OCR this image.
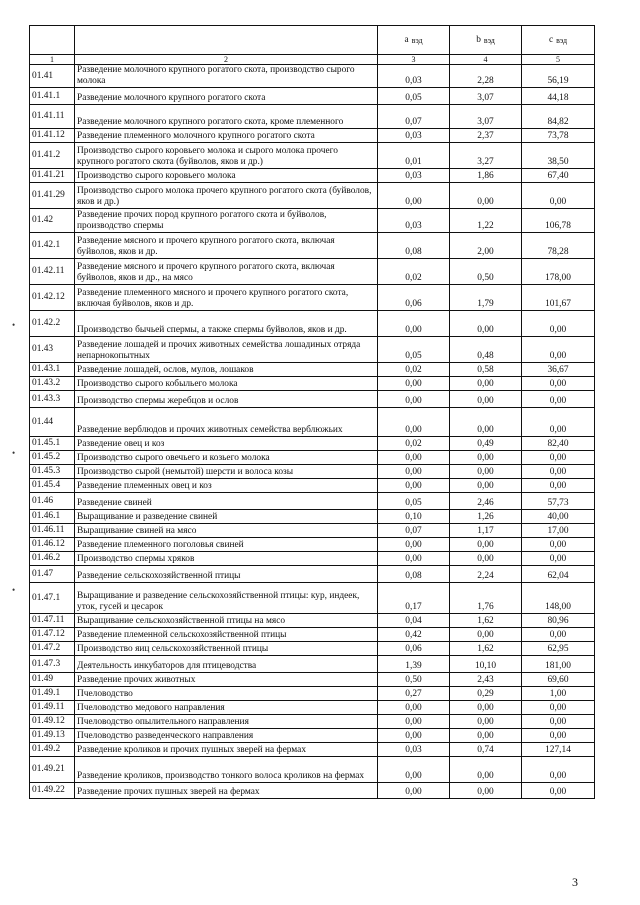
		a $_{вэд}$	b $_{вэд}$	c $_{вэд}$
1	2	3	4	5
01.41	Разведение молочного крупного рогатого скота, производство сырого молока	0,03	2,28	56,19
01.41.1	Разведение молочного крупного рогатого скота	0,05	3,07	44,18
01.41.11	Разведение молочного крупного рогатого скота, кроме племенного	0,07	3,07	84,82
01.41.12	Разведение племенного молочного крупного рогатого скота	0,03	2,37	73,78
01.41.2	Производство сырого коровьего молока и сырого молока прочего крупного рогатого скота (буйволов, яков и др.)	0,01	3,27	38,50
01.41.21	Производство сырого коровьего молока	0,03	1,86	67,40
01.41.29	Производство сырого молока прочего крупного рогатого скота (буйволов, яков и др.)	0,00	0,00	0,00
01.42	Разведение прочих пород крупного рогатого скота и буйволов, производство спермы	0,03	1,22	106,78
01.42.1	Разведение мясного и прочего крупного рогатого скота, включая буйволов, яков и др.	0,08	2,00	78,28
01.42.11	Разведение мясного и прочего крупного рогатого скота, включая буйволов, яков и др., на мясо	0,02	0,50	178,00
01.42.12	Разведение племенного мясного и прочего крупного рогатого скота, включая буйволов, яков и др.	0,06	1,79	101,67
01.42.2	Производство бычьей спермы, а также спермы буйволов, яков и др.	0,00	0,00	0,00
01.43	Разведение лошадей и прочих животных семейства лошадиных отряда непарнокопытных	0,05	0,48	0,00
01.43.1	Разведение лошадей, ослов, мулов, лошаков	0,02	0,58	36,67
01.43.2	Производство сырого кобыльего молока	0,00	0,00	0,00
01.43.3	Производство спермы жеребцов и ослов	0,00	0,00	0,00
01.44	Разведение верблюдов и прочих животных семейства верблюжьих	0,00	0,00	0,00
01.45.1	Разведение овец и коз	0,02	0,49	82,40
01.45.2	Производство сырого овечьего и козьего молока	0,00	0,00	0,00
01.45.3	Производство сырой (немытой) шерсти и волоса козы	0,00	0,00	0,00
01.45.4	Разведение племенных овец и коз	0,00	0,00	0,00
01.46	Разведение свиней	0,05	2,46	57,73
01.46.1	Выращивание и разведение свиней	0,10	1,26	40,00
01.46.11	Выращивание свиней на мясо	0,07	1,17	17,00
01.46.12	Разведение племенного поголовья свиней	0,00	0,00	0,00
01.46.2	Производство спермы хряков	0,00	0,00	0,00
01.47	Разведение сельскохозяйственной птицы	0,08	2,24	62,04
01.47.1	Выращивание и разведение сельскохозяйственной птицы: кур, индеек, уток, гусей и цесарок	0,17	1,76	148,00
01.47.11	Выращивание сельскохозяйственной птицы на мясо	0,04	1,62	80,96
01.47.12	Разведение племенной сельскохозяйственной птицы	0,42	0,00	0,00
01.47.2	Производство яиц сельскохозяйственной птицы	0,06	1,62	62,95
01.47.3	Деятельность инкубаторов для птицеводства	1,39	10,10	181,00
01.49	Разведение прочих животных	0,50	2,43	69,60
01.49.1	Пчеловодство	0,27	0,29	1,00
01.49.11	Пчеловодство медового направления	0,00	0,00	0,00
01.49.12	Пчеловодство опылительного направления	0,00	0,00	0,00
01.49.13	Пчеловодство разведенческого направления	0,00	0,00	0,00
01.49.2	Разведение кроликов и прочих пушных зверей на фермах	0,03	0,74	127,14
01.49.21	Разведение кроликов, производство тонкого волоса кроликов на фермах	0,00	0,00	0,00
01.49.22	Разведение прочих пушных зверей на фермах	0,00	0,00	0,00
•
•
•
3
